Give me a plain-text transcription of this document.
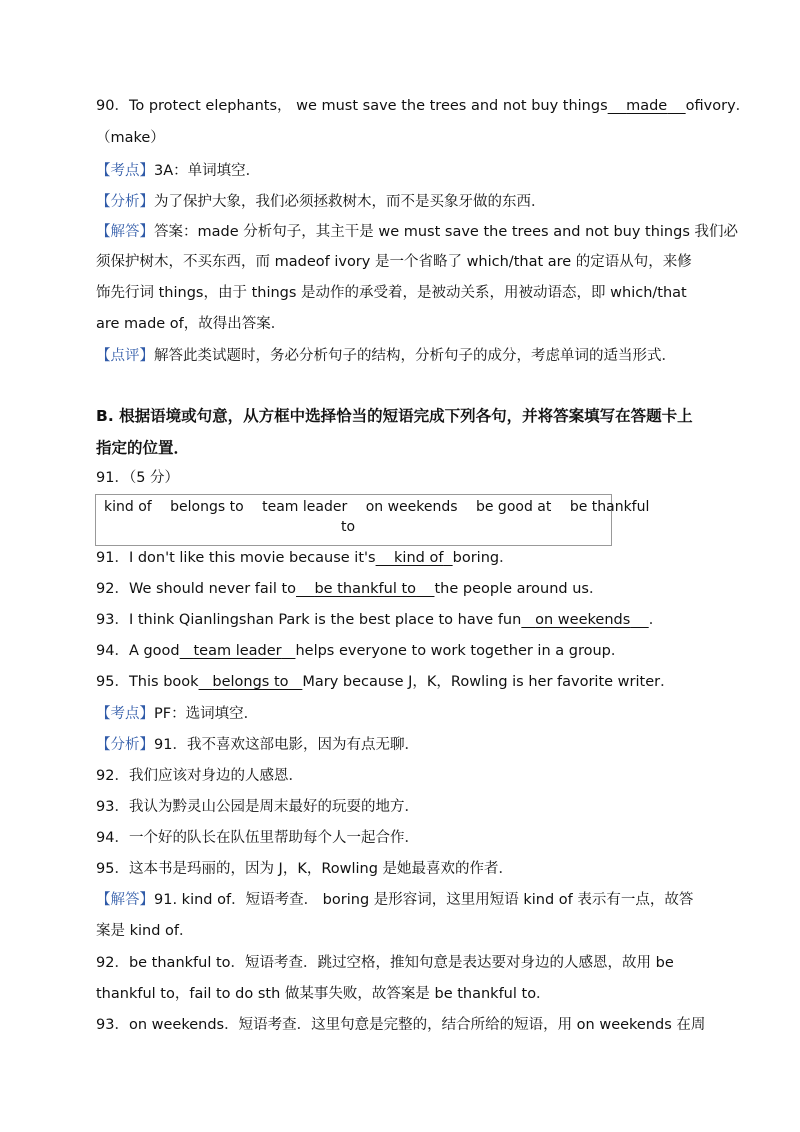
90．To protect elephants， we must save the trees and not buy things made ofivory．
（make）
【考点】3A：单词填空．
【分析】为了保护大象，我们必须拯救树木，而不是买象牙做的东西．
【解答】答案：made 分析句子，其主干是 we must save the trees and not buy things 我们必
须保护树木，不买东西，而 madeof ivory 是一个省略了 which/that are 的定语从句，来修
饰先行词 things，由于 things 是动作的承受着，是被动关系，用被动语态，即 which/that
are made of，故得出答案．
【点评】解答此类试题时，务必分析句子的结构，分析句子的成分，考虑单词的适当形式．
B. 根据语境或句意，从方框中选择恰当的短语完成下列各句，并将答案填写在答题卡上
指定的位置．
91．（5 分）
kind of belongs to team leader on weekends be good at be thankful
to
91．I don't like this movie because it's kind of boring．
92．We should never fail to be thankful to the people around us．
93．I think Qianlingshan Park is the best place to have fun on weekends ．
94．A good team leader helps everyone to work together in a group．
95．This book belongs to Mary because J，K，Rowling is her favorite writer．
【考点】PF：选词填空．
【分析】91．我不喜欢这部电影，因为有点无聊．
92．我们应该对身边的人感恩．
93．我认为黔灵山公园是周末最好的玩耍的地方．
94．一个好的队长在队伍里帮助每个人一起合作．
95．这本书是玛丽的，因为 J，K，Rowling 是她最喜欢的作者．
【解答】91. kind of．短语考查． boring 是形容词，这里用短语 kind of 表示有一点，故答
案是 kind of．
92．be thankful to．短语考查．跳过空格，推知句意是表达要对身边的人感恩，故用 be
thankful to，fail to do sth 做某事失败，故答案是 be thankful to．
93．on weekends．短语考查．这里句意是完整的，结合所给的短语，用 on weekends 在周
